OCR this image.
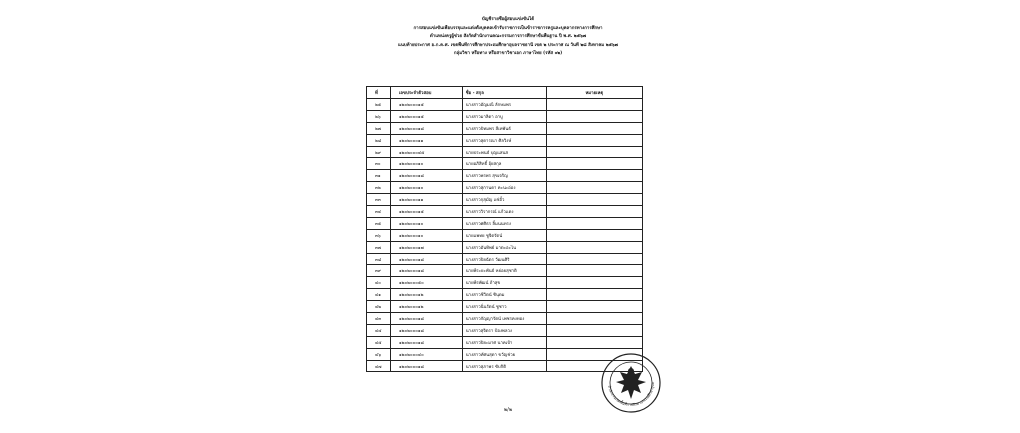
บัญชีรายชื่อผู้สอบแข่งขันได้
การสอบแข่งขันเพื่อบรรจุและแต่งตั้งบุคคลเข้ารับราชการเป็นข้าราชการครูและบุคลากรทางการศึกษา
ตำแหน่งครูผู้ช่วย สังกัดสำนักงานคณะกรรมการการศึกษาขั้นพื้นฐาน ปี พ.ศ. ๒๕๖๗
แนบท้ายประกาศ อ.ก.ค.ศ. เขตพื้นที่การศึกษาประถมศึกษาอุบลราชธานี เขต ๒ ประกาศ ณ วันที่ ๒๘ สิงหาคม ๒๕๖๗
กลุ่มวิชา หรือทาง หรือสาขาวิชาเอก ภาษาไทย (รหัส ๐๒)
ที่	เลขประจำตัวสอบ	ชื่อ - สกุล	หมายเหตุ
๒๕	๑๒๐๒๐๐๐๑๕	นางสาวอัญมณี ลักษมพร	
๒๖	๑๒๐๒๐๐๐๑๕	นางสาวมาลิดา อาบู	
๒๗	๑๒๐๒๐๐๐๑๘	นางสาวปัทมพร สีเทพันธ์	
๒๘	๑๒๐๒๐๐๐๑๑	นางสาวสุดารณา ศิลวิงษ์	
๒๙	๑๒๐๒๐๐๐๔๕	นายประพนธ์ บุญแสนส	
๓๐	๑๒๐๒๐๐๐๑๐	นายอภิสิทธิ์ อุ้ยสกุล	
๓๑	๑๒๐๒๐๐๐๑๘	นางสาวพรพร สุขเจริญ	
๓๒	๑๒๐๒๐๐๐๑๐	นางสาวสุกานดา คะนะอ่อง	
๓๓	๑๒๐๒๐๐๐๑๑	นางสาวกุสุมัญ แซ่อั้ว	
๓๔	๑๒๐๒๐๐๐๑๕	นางสาววิรากรณ์ แก้วแดง	
๓๕	๑๒๐๒๐๐๐๑๐	นางสาวศศิธร ลิ้มนนทรง	
๓๖	๑๒๐๒๐๐๐๑๐	นายแพทย ชูจิตรัตน์	
๓๗	๑๒๐๒๐๐๐๑๗	นางสาวอันทิพย์ มาตะอะไน	
๓๘	๑๒๐๒๐๐๐๑๘	นางสาวปิยฉัตร วัฒนศิริ	
๓๙	๑๒๐๒๐๐๐๑๘	นายพีระยะพันธ์ หย่อยสุชาติ	
๔๐	๑๒๐๒๐๐๐๕๐	นายพีรพัฒน์ ถ้าสุข	
๔๑	๑๒๐๒๐๐๐๑๒	นางสาวชีวิตน์ ชินุดม	
๔๒	๑๒๐๒๐๐๐๑๒	นางสาวนิ่นรัตน์ ชูชาว	
๔๓	๑๒๐๒๐๐๐๑๘	นางสาวกัญญารัตน์ เพชรคงทอง	
๔๔	๑๒๐๒๐๐๐๑๘	นางสาวสุจิตรา ป้องพลวง	
๔๕	๑๒๐๒๐๐๐๑๘	นางสาวปิยะมาศ นาคเป้า	
๔๖	๑๒๐๒๐๐๐๔๐	นางสาวทัศนสุดา ขวัญช่วย	
๔๗	๑๒๐๒๐๐๐๑๘	นางสาวสุภาพร ซับกิติ	
๒/๒
สำนักงานเขตพื้นที่การศึกษาประถมศึกษาอุบล
